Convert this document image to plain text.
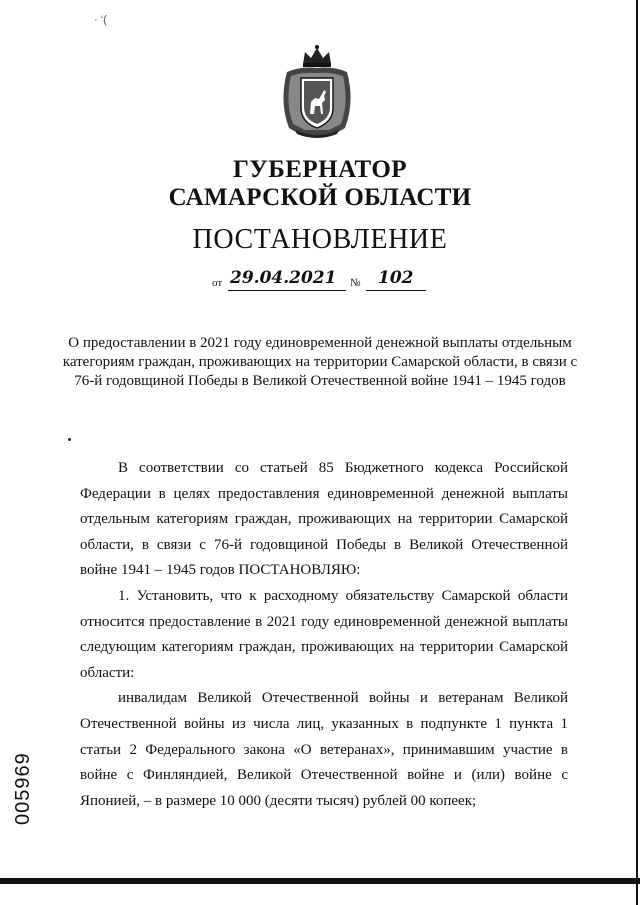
· ‘(
ГУБЕРНАТОР
САМАРСКОЙ ОБЛАСТИ
ПОСТАНОВЛЕНИЕ
от 29.04.2021 № 102
О предоставлении в 2021 году единовременной денежной выплаты отдельным категориям граждан, проживающих на территории Самарской области, в связи с 76-й годовщиной Победы в Великой Отечественной войне 1941 – 1945 годов

В соответствии со статьей 85 Бюджетного кодекса Российской Федерации в целях предоставления единовременной денежной выплаты отдельным категориям граждан, проживающих на территории Самарской области, в связи с 76-й годовщиной Победы в Великой Отечественной войне 1941 – 1945 годов ПОСТАНОВЛЯЮ:

1. Установить, что к расходному обязательству Самарской области относится предоставление в 2021 году единовременной денежной выплаты следующим категориям граждан, проживающих на территории Самарской области:

инвалидам Великой Отечественной войны и ветеранам Великой Отечественной войны из числа лиц, указанных в подпункте 1 пункта 1 статьи 2 Федерального закона «О ветеранах», принимавшим участие в войне с Финляндией, Великой Отечественной войне и (или) войне с Японией, – в размере 10 000 (десяти тысяч) рублей 00 копеек;

005969
